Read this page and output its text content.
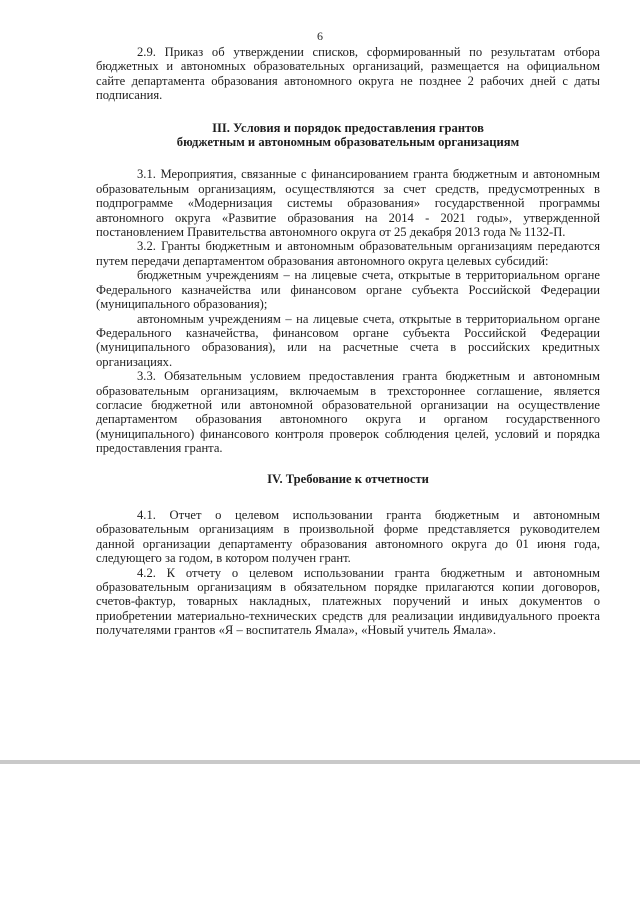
6

2.9. Приказ об утверждении списков, сформированный по результатам отбора бюджетных и автономных образовательных организаций, размещается на официальном сайте департамента образования автономного округа не позднее 2 рабочих дней с даты подписания.

III. Условия и порядок предоставления грантов
бюджетным и автономным образовательным организациям

3.1. Мероприятия, связанные с финансированием гранта бюджетным и автономным образовательным организациям, осуществляются за счет средств, предусмотренных в подпрограмме «Модернизация системы образования» государственной программы автономного округа «Развитие образования на 2014 - 2021 годы», утвержденной постановлением Правительства автономного округа от 25 декабря 2013 года № 1132-П.

3.2. Гранты бюджетным и автономным образовательным организациям передаются путем передачи департаментом образования автономного округа целевых субсидий:

бюджетным учреждениям – на лицевые счета, открытые в территориальном органе Федерального казначейства или финансовом органе субъекта Российской Федерации (муниципального образования);

автономным учреждениям – на лицевые счета, открытые в территориальном органе Федерального казначейства, финансовом органе субъекта Российской Федерации (муниципального образования), или на расчетные счета в российских кредитных организациях.

3.3. Обязательным условием предоставления гранта бюджетным и автономным образовательным организациям, включаемым в трехстороннее соглашение, является согласие бюджетной или автономной образовательной организации на осуществление департаментом образования автономного округа и органом государственного (муниципального) финансового контроля проверок соблюдения целей, условий и порядка предоставления гранта.

IV. Требование к отчетности

4.1. Отчет о целевом использовании гранта бюджетным и автономным образовательным организациям в произвольной форме представляется руководителем данной организации департаменту образования автономного округа до 01 июня года, следующего за годом, в котором получен грант.

4.2. К отчету о целевом использовании гранта бюджетным и автономным образовательным организациям в обязательном порядке прилагаются копии договоров, счетов-фактур, товарных накладных, платежных поручений и иных документов о приобретении материально-технических средств для реализации индивидуального проекта получателями грантов «Я – воспитатель Ямала», «Новый учитель Ямала».
